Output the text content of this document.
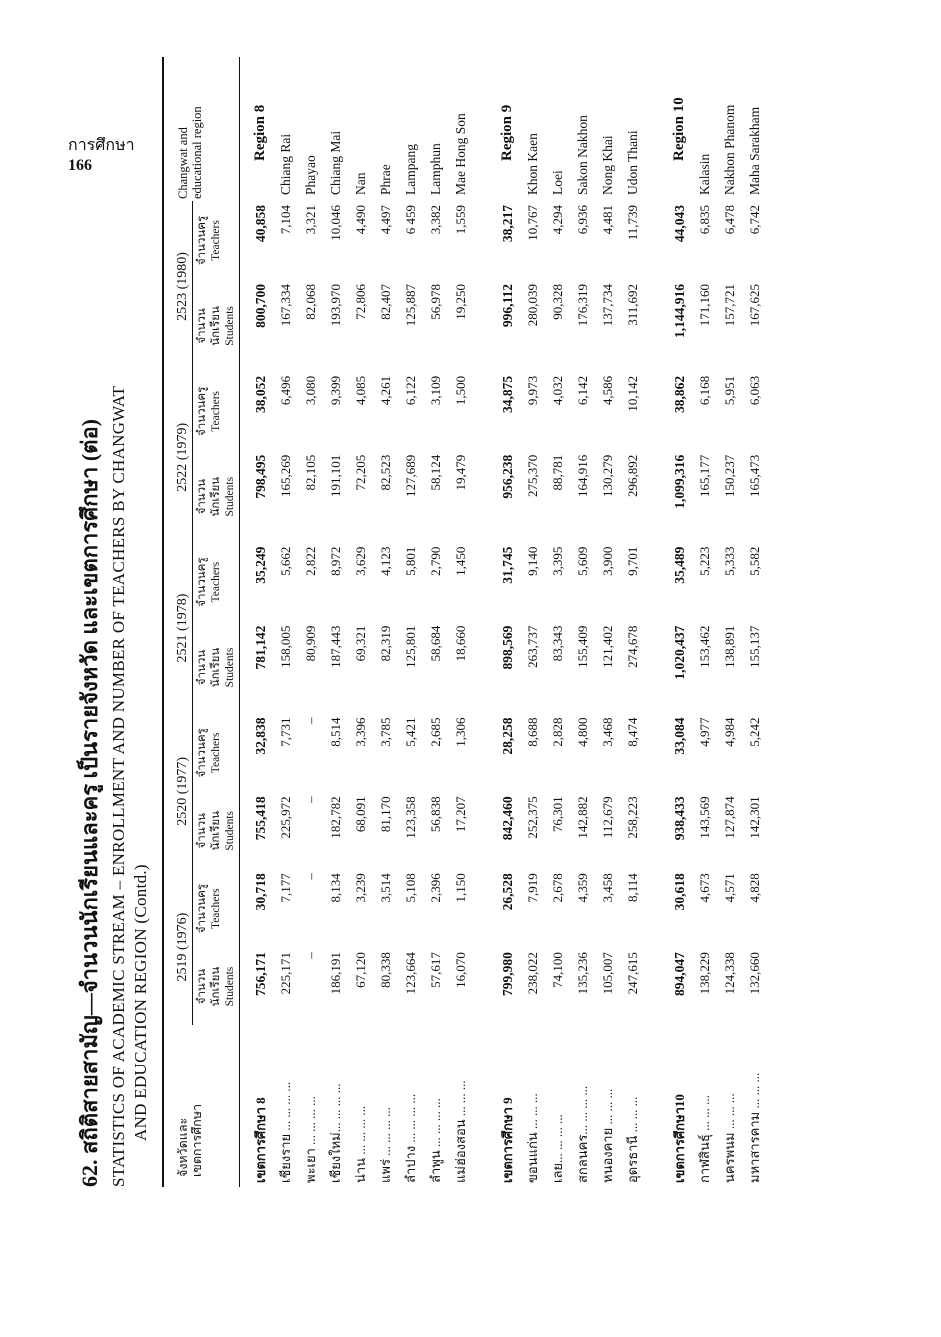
การศึกษา
166
62. สถิติสายสามัญ—จำนวนนักเรียนและครู เป็นรายจังหวัด และเขตการศึกษา (ต่อ) STATISTICS OF ACADEMIC STREAM – ENROLLMENT AND NUMBER OF TEACHERS BY CHANGWAT AND EDUCATION REGION (Contd.)
จังหวัดและ
เขตการศึกษา	2519 (1976)		2520 (1977)		2521 (1978)		2522 (1979)		2523 (1980)		Changwat and
educational region
	จำนวน
นักเรียน
Students	จำนวนครู
Teachers	จำนวน
นักเรียน
Students	จำนวนครู
Teachers	จำนวน
นักเรียน
Students	จำนวนครู
Teachers	จำนวน
นักเรียน
Students	จำนวนครู
Teachers	จำนวน
นักเรียน
Students	จำนวนครู
Teachers	
เขตการศึกษา 8	756,171	30,718	755,418	32,838	781,142	35,249	798,495	38,052	800,700	40,858	Region 8
เชียงราย ... ... ... ...	225,171	7,177	225,972	7,731	158,005	5,662	165,269	6,496	167,334	7,104	Chiang Rai
พะเยา ... ... ... ...	–	–	–	–	80,909	2,822	82,105	3,080	82,068	3,321	Phayao
เชียงใหม่... ... ... ...	186,191	8,134	182,782	8,514	187,443	8,972	191,101	9,399	193,970	10,046	Chiang Mai
น่าน ... ... ... ...	67,120	3,239	68,091	3,396	69,321	3,629	72,205	4,085	72,806	4,490	Nan
แพร่ ... ... ... ...	80,338	3,514	81,170	3,785	82,319	4,123	82,523	4,261	82,407	4,497	Phrae
ลำปาง ... ... ... ...	123,664	5,108	123,358	5,421	125,801	5,801	127,689	6,122	125,887	6 459	Lampang
ลำพูน ... ... ... ...	57,617	2,396	56,838	2,685	58,684	2,790	58,124	3,109	56,978	3,382	Lamphun
แม่ฮ่องสอน ... ... ...	16,070	1,150	17,207	1,306	18,660	1,450	19,479	1,500	19,250	1,559	Mae Hong Son
เขตการศึกษา 9	799,980	26,528	842,460	28,258	898,569	31,745	956,238	34,875	996,112	38,217	Region 9
ขอนแก่น ... ... ...	238,022	7,919	252,375	8,688	263,737	9,140	275,370	9,973	280,039	10,767	Khon Kaen
เลย... ... ... ...	74,100	2,678	76,301	2,828	83,343	3,395	88,781	4,032	90,328	4,294	Loei
สกลนคร... ... ... ...	135,236	4,359	142,882	4,800	155,409	5,609	164,916	6,142	176,319	6,936	Sakon Nakhon
หนองคาย ... ... ...	105,007	3,458	112,679	3,468	121,402	3,900	130,279	4,586	137,734	4,481	Nong Khai
อุดรธานี ... ... ...	247,615	8,114	258,223	8,474	274,678	9,701	296,892	10,142	311,692	11,739	Udon Thani
เขตการศึกษา10	894,047	30,618	938,433	33,084	1,020,437	35,489	1,099,316	38,862	1,144,916	44,043	Region 10
กาฬสินธุ์ ... ... ...	138,229	4,673	143,569	4,977	153,462	5,223	165,177	6,168	171,160	6,835	Kalasin
นครพนม ... ... ...	124,338	4,571	127,874	4,984	138,891	5,333	150,237	5,951	157,721	6,478	Nakhon Phanom
มหาสารคาม ... ... ...	132,660	4,828	142,301	5,242	155,137	5,582	165,473	6,063	167,625	6,742	Maha Sarakham
